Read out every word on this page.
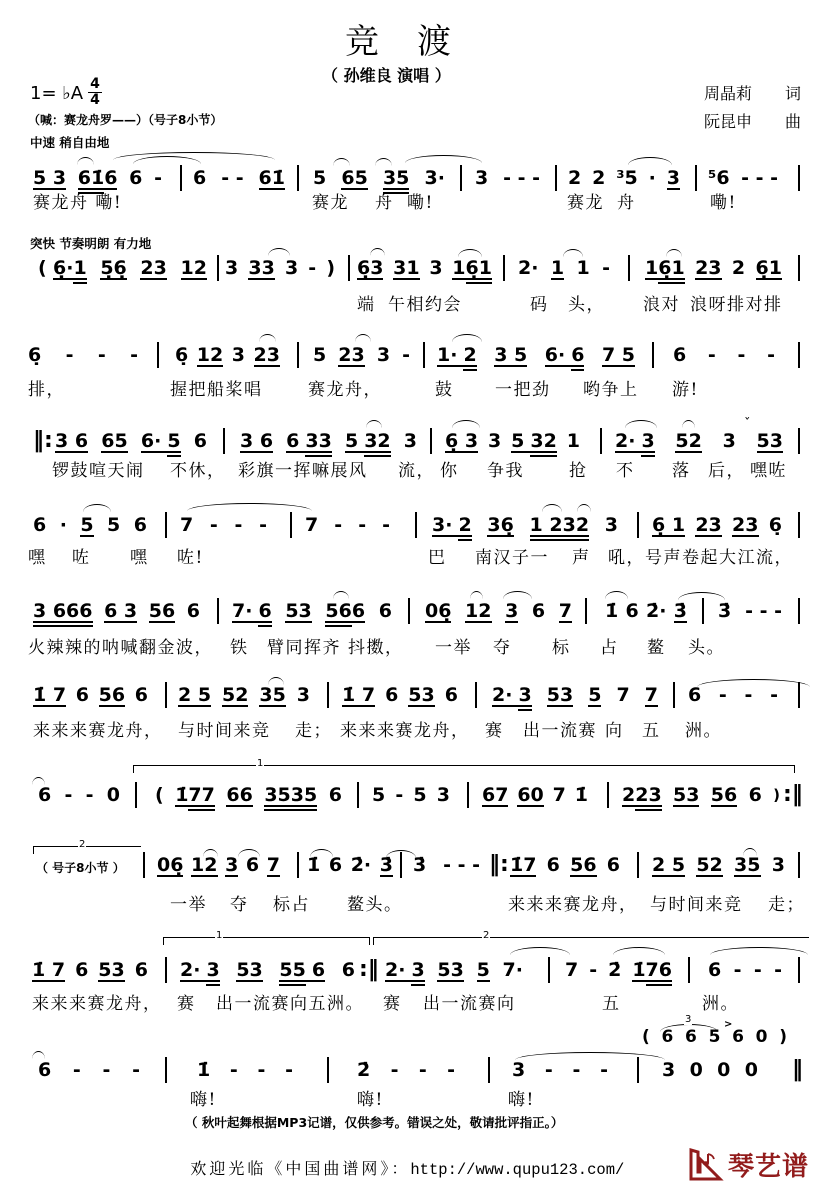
竞　渡
（ 孙维良 演唱 ）
周晶莉 词
阮昆申 曲
1= ♭A 4
4
（喊：赛龙舟罗——）（号子8小节）
中速 稍自由地
突快 节奏明朗 有力地
5 3 61̇6 6 - 6 - - 61̇ 5 65 35 3· 3 - - - 2 2 ³5 · 3 ⁵6 - - -
赛龙舟 嘞!	赛龙 舟 嘞!	赛龙 舟	嘞!
( 6̣·1 5̣6̣ 23 12 3 33 3 - ) 6̣3 31 3 16̣1 2· 1 1 - 16̣1 23 2 6̣1
端 午相约会	码 头， 浪对 浪呀排对排
6̣ - - - 6̣ 12 3 23 5 23 3 - 1· 2 3 5 6· 6 7 5 6 - - -
排，	握把船桨唱	赛龙舟，	鼓 一把劲 哟争上 游!
‖: 3 6 65 6· 5 6 3 6 6 33 5 32 3 6̣ 3 3 5 32 1 2· 3 52 3 53
ˇ
锣鼓喧天闹 不休， 彩旗一挥嘛展风 流， 你 争我	抢 不 落 后， 嘿咗
6 · 5 5 6 7 - - - 7 - - - 3· 2 36̣ 1 232 3 6̣ 1 23 23 6̣
嘿 咗 嘿 咗!	巴 南汉子一 声 吼，号声卷起大江流，
3 666 6 3 56 6 7· 6 53 566 6 06̣ 12 3 6 7 1̇ 6 2̇· 3̇ 3̇ - - -
火辣辣的呐喊翻金波， 铁 臂同挥齐 抖擞， 一举 夺 标 占 鳌 头。
1̇ 7 6 56 6 2 5 52 35 3 1̇ 7 6 53 6 2· 3 53 5 7 7 6 - - -
来来来赛龙舟， 与时间来竞 走； 来来来赛龙舟， 赛 出一流赛 向 五 洲。
1
6 - - 0 ( 1̇77 66 3535 6 5 - 5 3 67 60 7 1̇ 223 53 56 6 ) :‖
2
（ 号子8小节 ） 06̣ 12 3 6 7 1̇ 6 2̇· 3̇ 3̇ - - - ‖: 1̇7 6 56 6 2 5 52 35 3
一举 夺 标占 鳌头。	来来来赛龙舟， 与时间来竞 走；
1	2
1̇ 7 6 53 6 2· 3 53 55 6 6 :‖ 2· 3 53 5 7· 7 - 2̇ 1̇76 6 - - -
来来来赛龙舟， 赛 出一流赛向五洲。 赛 出一流赛向	五	洲。
3	>
( 6 6 5 6 0 )
6 - - -	1̇ - - -	2̇ - - -	3 - - -	3 0 0 0 ‖
嗨!	嗨!	嗨!
（ 秋叶起舞根据MP3记谱，仅供参考。错误之处，敬请批评指正。）

欢迎光临《中国曲谱网》：http://www.qupu123.com/
	琴艺谱
